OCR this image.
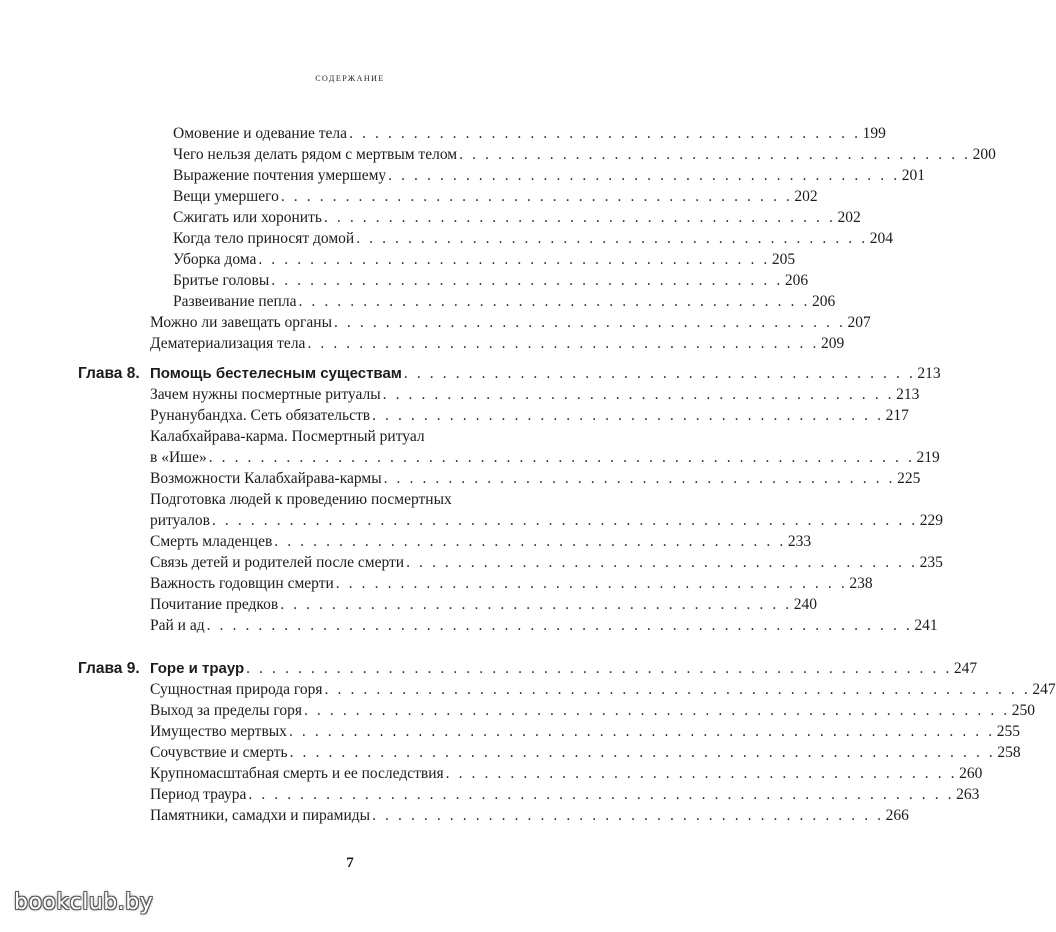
содержание
Омовение и одевание тела . . . . . . . . . . . . . . . . . . . . . . . . . . . . . . . . . . . . . . . . 199
Чего нельзя делать рядом с мертвым телом . . . . . . . . . . . . . . . . . . . . . . . . . . . . . . . . . . . . . . . . 200
Выражение почтения умершему . . . . . . . . . . . . . . . . . . . . . . . . . . . . . . . . . . . . . . . . 201
Вещи умершего . . . . . . . . . . . . . . . . . . . . . . . . . . . . . . . . . . . . . . . . 202
Сжигать или хоронить . . . . . . . . . . . . . . . . . . . . . . . . . . . . . . . . . . . . . . . . 202
Когда тело приносят домой . . . . . . . . . . . . . . . . . . . . . . . . . . . . . . . . . . . . . . . . 204
Уборка дома . . . . . . . . . . . . . . . . . . . . . . . . . . . . . . . . . . . . . . . . 205
Бритье головы . . . . . . . . . . . . . . . . . . . . . . . . . . . . . . . . . . . . . . . . 206
Развеивание пепла . . . . . . . . . . . . . . . . . . . . . . . . . . . . . . . . . . . . . . . . 206
Можно ли завещать органы . . . . . . . . . . . . . . . . . . . . . . . . . . . . . . . . . . . . . . . . 207
Дематериализация тела . . . . . . . . . . . . . . . . . . . . . . . . . . . . . . . . . . . . . . . . 209
Глава 8. Помощь бестелесным существам . . . . . . . . . . . . . . . . . . . . . . . . . . . . . . . . . . . . . . . . 213
Зачем нужны посмертные ритуалы . . . . . . . . . . . . . . . . . . . . . . . . . . . . . . . . . . . . . . . . 213
Рунанубандха. Сеть обязательств . . . . . . . . . . . . . . . . . . . . . . . . . . . . . . . . . . . . . . . . 217
Калабхайрава-карма. Посмертный ритуал
в «Ише» . . . . . . . . . . . . . . . . . . . . . . . . . . . . . . . . . . . . . . . . . . . . . . . . . . . . . . . 219
Возможности Калабхайрава-кармы . . . . . . . . . . . . . . . . . . . . . . . . . . . . . . . . . . . . . . . . 225
Подготовка людей к проведению посмертных
ритуалов . . . . . . . . . . . . . . . . . . . . . . . . . . . . . . . . . . . . . . . . . . . . . . . . . . . . . . . 229
Смерть младенцев . . . . . . . . . . . . . . . . . . . . . . . . . . . . . . . . . . . . . . . . 233
Связь детей и родителей после смерти . . . . . . . . . . . . . . . . . . . . . . . . . . . . . . . . . . . . . . . . 235
Важность годовщин смерти . . . . . . . . . . . . . . . . . . . . . . . . . . . . . . . . . . . . . . . . 238
Почитание предков . . . . . . . . . . . . . . . . . . . . . . . . . . . . . . . . . . . . . . . . 240
Рай и ад . . . . . . . . . . . . . . . . . . . . . . . . . . . . . . . . . . . . . . . . . . . . . . . . . . . . . . . 241
Глава 9. Горе и траур . . . . . . . . . . . . . . . . . . . . . . . . . . . . . . . . . . . . . . . . . . . . . . . . . . . . . . . 247
Сущностная природа горя . . . . . . . . . . . . . . . . . . . . . . . . . . . . . . . . . . . . . . . . . . . . . . . . . . . . . . . 247
Выход за пределы горя . . . . . . . . . . . . . . . . . . . . . . . . . . . . . . . . . . . . . . . . . . . . . . . . . . . . . . . 250
Имущество мертвых . . . . . . . . . . . . . . . . . . . . . . . . . . . . . . . . . . . . . . . . . . . . . . . . . . . . . . . 255
Сочувствие и смерть . . . . . . . . . . . . . . . . . . . . . . . . . . . . . . . . . . . . . . . . . . . . . . . . . . . . . . . 258
Крупномасштабная смерть и ее последствия . . . . . . . . . . . . . . . . . . . . . . . . . . . . . . . . . . . . . . . . 260
Период траура . . . . . . . . . . . . . . . . . . . . . . . . . . . . . . . . . . . . . . . . . . . . . . . . . . . . . . . 263
Памятники, самадхи и пирамиды . . . . . . . . . . . . . . . . . . . . . . . . . . . . . . . . . . . . . . . . 266
7
bookclub.by
